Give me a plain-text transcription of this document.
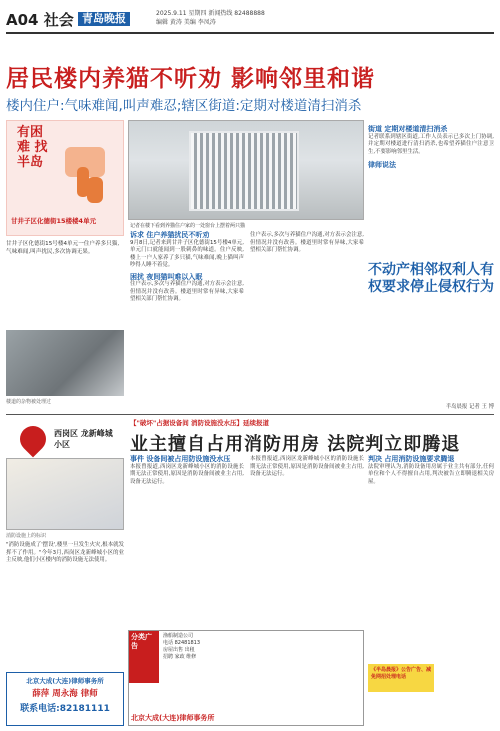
A04 社会 青岛晚报	2025.9.11 星期四 新闻热线 82488888
编辑 黄涛 美编 李凤涛
居民楼内养猫不听劝 影响邻里和谐
楼内住户:气味难闻,叫声难忍;辖区街道:定期对楼道清扫消杀
有困难 找半岛
甘井子区化德街15楼楼4单元
甘井子区化德街15号楼4单元一住户养多只猫,气味难闻,叫声扰民,多次协调无果。
楼道的杂物被处理过
记者在楼下看到养猫住户家的一处窗台上摆着两只猫
诉求 住户养猫扰民不听劝
9月8日,记者来到甘井子区化德街15号楼4单元,单元门口就能闻到一股刺鼻的味道。住户反映,楼上一户人家养了多只猫,气味难闻,晚上猫叫声吵得人睡不着觉。
困扰 夜间猫叫难以入眠
住户表示,多次与养猫住户沟通,对方表示会注意,但情况并没有改善。楼道里时常有异味,大家希望相关部门帮忙协调。
住户表示,多次与养猫住户沟通,对方表示会注意,但情况并没有改善。楼道里时常有异味,大家希望相关部门帮忙协调。
街道 定期对楼道清扫消杀
记者联系到辖区街道,工作人员表示已多次上门协调,并定期对楼道进行清扫消杀,也希望养猫住户注意卫生,不要影响邻里生活。
律师说法
不动产相邻权利人有权要求停止侵权行为
半岛晨报 记者 王 博
【"破坏"占据设备间 消防设施没水压】延续报道
业主擅自占用消防用房 法院判立即腾退
西岗区 龙新峰城小区
消防设施上的标识
"消防设施成了'摆设',楼里一旦发生火灾,根本就发挥不了作用。"今年3月,西岗区龙新峰城小区的业主反映,他们小区楼内的消防设施无法使用。
事件 设备间被占用防设施没水压
本报曾报道,西岗区龙新峰城小区的消防设施长期无法正常使用,原因是消防设备间被业主占用,设备无法运行。
本报曾报道,西岗区龙新峰城小区的消防设施长期无法正常使用,原因是消防设备间被业主占用,设备无法运行。
判决 占用消防设施要求腾退
法院审理认为,消防设备用房属于业主共有部分,任何单位和个人不得擅自占用,判决被告立即腾退相关房屋。
分类广告
渔船制造公司
电话 82481813
房屋出售 出租
招聘 家政 维修
北京大成(大连)律师事务所
北京大成(大连)律师事务所
薛萍 周永海 律师
联系电话:82181111
《半岛晨报》公告广告、减免网招处理电话
